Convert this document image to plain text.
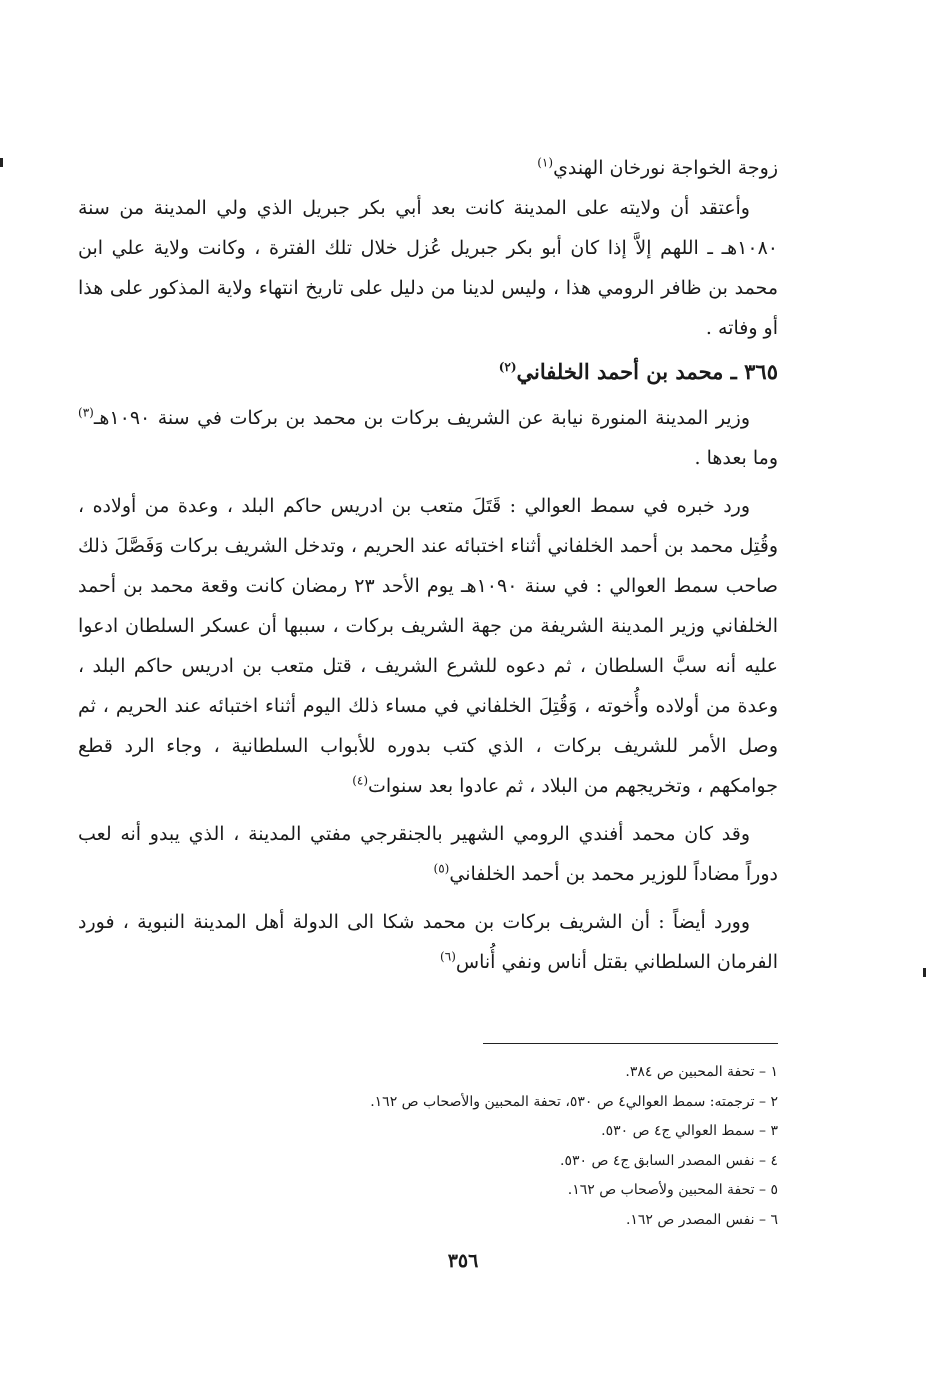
زوجة الخواجة نورخان الهندي$^{(١)}$

وأعتقد أن ولايته على المدينة كانت بعد أبي بكر جبريل الذي ولي المدينة من سنة ١٠٨٠هـ ـ اللهم إلاَّ إذا كان أبو بكر جبريل عُزل خلال تلك الفترة ، وكانت ولاية علي ابن محمد بن ظافر الرومي هذا ، وليس لدينا من دليل على تاريخ انتهاء ولاية المذكور على هذا أو وفاته .

٣٦٥ ـ محمد بن أحمد الخلفاني$^{(٢)}$

وزير المدينة المنورة نيابة عن الشريف بركات بن محمد بن بركات في سنة ١٠٩٠هـ$^{(٣)}$ وما بعدها .

ورد خبره في سمط العوالي : قَتَلَ متعب بن ادريس حاكم البلد ، وعدة من أولاده ، وقُتِل محمد بن أحمد الخلفاني أثناء اختبائه عند الحريم ، وتدخل الشريف بركات وَفَصَّلَ ذلك صاحب سمط العوالي : في سنة ١٠٩٠هـ يوم الأحد ٢٣ رمضان كانت وقعة محمد بن أحمد الخلفاني وزير المدينة الشريفة من جهة الشريف بركات ، سببها أن عسكر السلطان ادعوا عليه أنه سبَّ السلطان ، ثم دعوه للشرع الشريف ، قتل متعب بن ادريس حاكم البلد ، وعدة من أولاده وأُخوته ، وَقُتِلَ الخلفاني في مساء ذلك اليوم أثناء اختبائه عند الحريم ، ثم وصل الأمر للشريف بركات ، الذي كتب بدوره للأبواب السلطانية ، وجاء الرد قطع جوامكهم ، وتخريجهم من البلاد ، ثم عادوا بعد سنوات$^{(٤)}$

وقد كان محمد أفندي الرومي الشهير بالجنقرجي مفتي المدينة ، الذي يبدو أنه لعب دوراً مضاداً للوزير محمد بن أحمد الخلفاني$^{(٥)}$

وورد أيضاً : أن الشريف بركات بن محمد شكا الى الدولة أهل المدينة النبوية ، فورد الفرمان السلطاني بقتل أناس ونفي أُناس$^{(٦)}$

١ – تحفة المحبين ص ٣٨٤.

٢ – ترجمته: سمط العوالي٤ ص ٥٣٠، تحفة المحبين والأصحاب ص ١٦٢.

٣ – سمط العوالي ج٤ ص ٥٣٠.

٤ – نفس المصدر السابق ج٤ ص ٥٣٠.

٥ – تحفة المحبين ولأصحاب ص ١٦٢.

٦ – نفس المصدر ص ١٦٢.

٣٥٦
